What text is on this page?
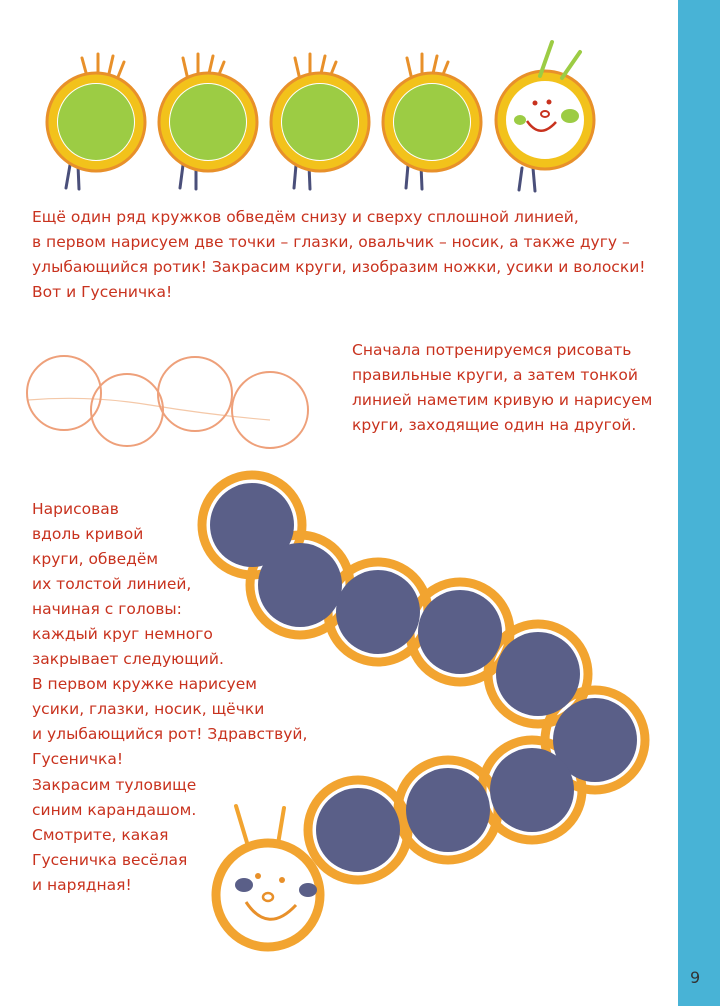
Ещё один ряд кружков обведём снизу и сверху сплошной линией,
в первом нарисуем две точки – глазки, овальчик – носик, а также дугу –
улыбающийся ротик! Закрасим круги, изобразим ножки, усики и волоски!
Вот и Гусеничка!

Сначала потренируемся рисовать
правильные круги, а затем тонкой
линией наметим кривую и нарисуем
круги, заходящие один на другой.

Нарисовав
вдоль кривой
круги, обведём
их толстой линией,
начиная с головы:
каждый круг немного
закрывает следующий.
В первом кружке нарисуем
усики, глазки, носик, щёчки
и улыбающийся рот! Здравствуй,
Гусеничка!

Закрасим туловище
синим карандашом.
Смотрите, какая
Гусеничка весёлая
и нарядная!

9
